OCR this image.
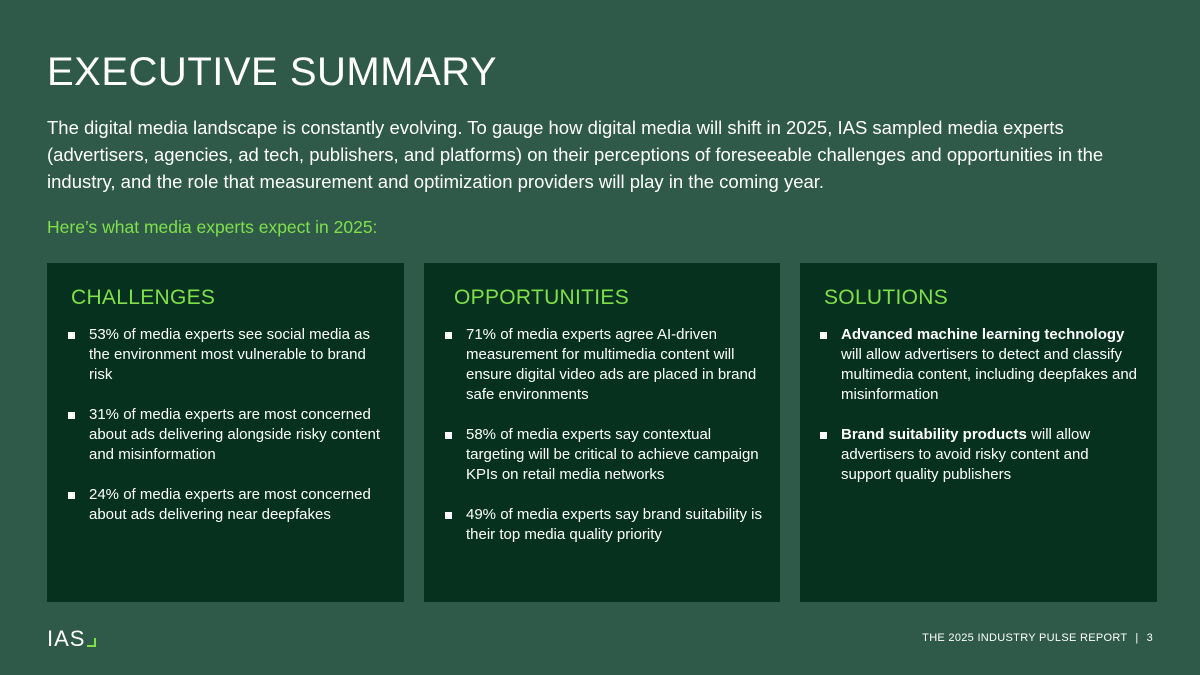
EXECUTIVE SUMMARY

The digital media landscape is constantly evolving. To gauge how digital media will shift in 2025, IAS sampled media experts (advertisers, agencies, ad tech, publishers, and platforms) on their perceptions of foreseeable challenges and opportunities in the industry, and the role that measurement and optimization providers will play in the coming year.

Here’s what media experts expect in 2025:

CHALLENGES
53% of media experts see social media as the environment most vulnerable to brand risk
31% of media experts are most concerned about ads delivering alongside risky content and misinformation
24% of media experts are most concerned about ads delivering near deepfakes
OPPORTUNITIES
71% of media experts agree AI-driven measurement for multimedia content will ensure digital video ads are placed in brand safe environments
58% of media experts say contextual targeting will be critical to achieve campaign KPIs on retail media networks
49% of media experts say brand suitability is their top media quality priority
SOLUTIONS
Advanced machine learning technology will allow advertisers to detect and classify multimedia content, including deepfakes and misinformation
Brand suitability products will allow advertisers to avoid risky content and support quality publishers
IAS	THE 2025 INDUSTRY PULSE REPORT | 3
